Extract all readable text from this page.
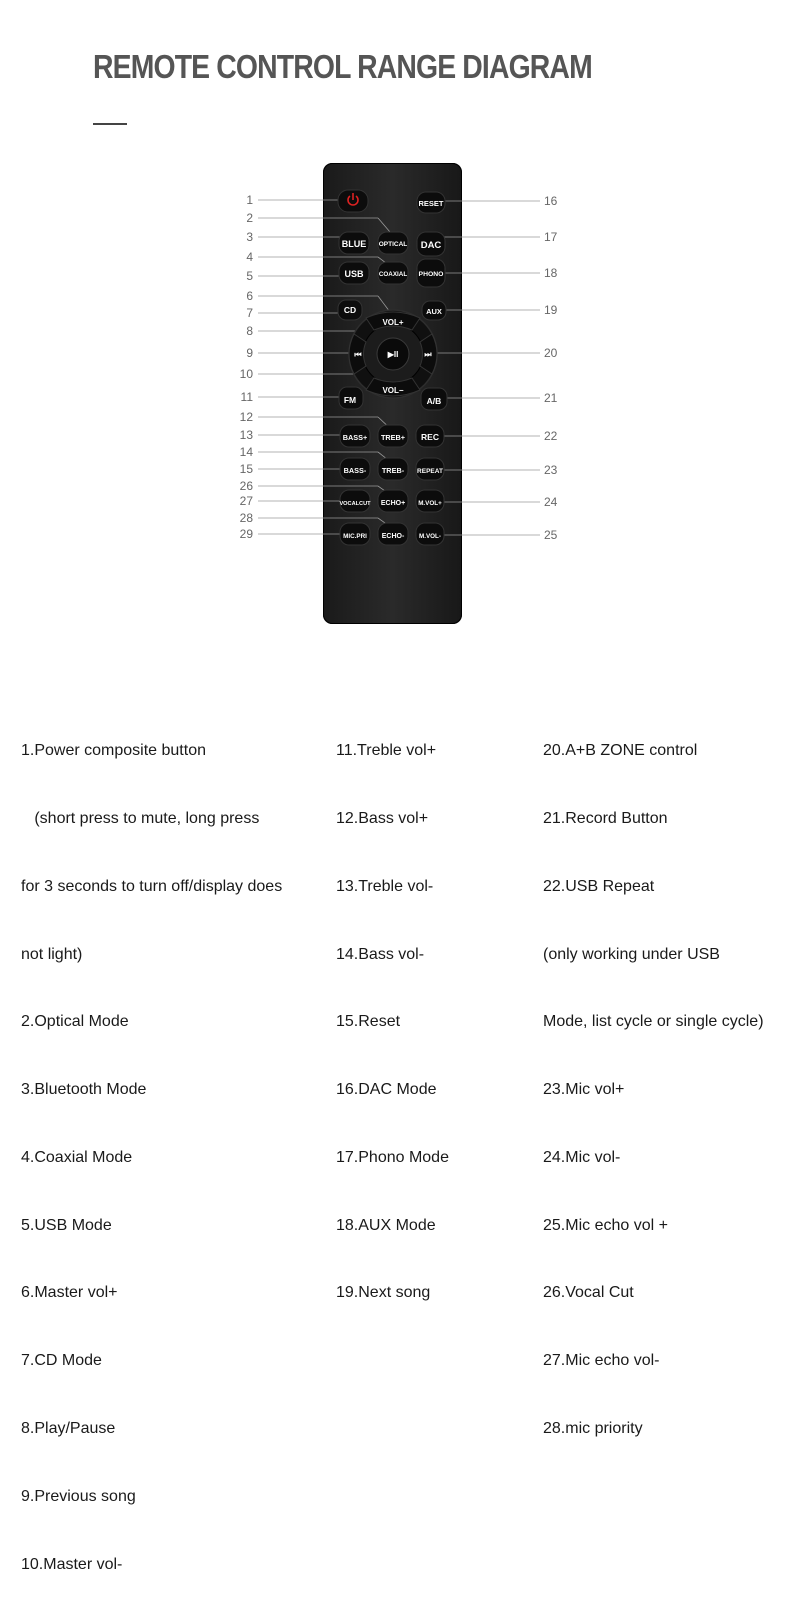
REMOTE CONTROL RANGE DIAGRAM
1
2
3
4
5
6
7
8
9
10
11
12
13
14
15
26
27
28
29
16
17
18
19
20
21
22
23
24
25
RESET
BLUE OPTICAL DAC
USB COAXIAL PHONO
CD	AUX
VOL+
VOL−
⏮	⏭
▶II
FM	A/B
BASS+ TREB+ REC
BASS- TREB- REPEAT
VOCALCUT ECHO+ M.VOL+
MIC.PRI ECHO- M.VOL-

1.Power composite button

(short press to mute, long press

for 3 seconds to turn off/display does

not light)

2.Optical Mode

3.Bluetooth Mode

4.Coaxial Mode

5.USB Mode

6.Master vol+

7.CD Mode

8.Play/Pause

9.Previous song

10.Master vol-

11.Treble vol+

12.Bass vol+

13.Treble vol-

14.Bass vol-

15.Reset

16.DAC Mode

17.Phono Mode

18.AUX Mode

19.Next song

20.A+B ZONE control

21.Record Button

22.USB Repeat

(only working under USB

Mode, list cycle or single cycle)

23.Mic vol+

24.Mic vol-

25.Mic echo vol +

26.Vocal Cut

27.Mic echo vol-

28.mic priority
